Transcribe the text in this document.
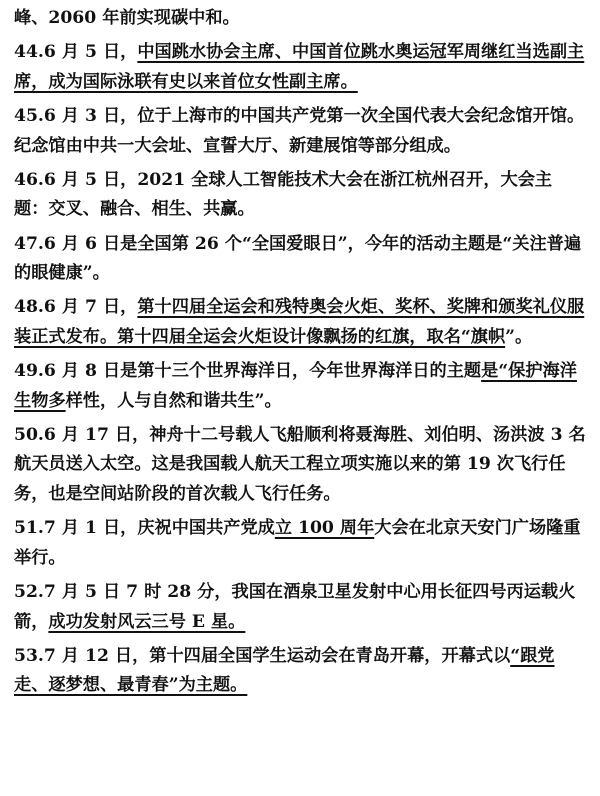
峰、2060 年前实现碳中和。

44.6 月 5 日，中国跳水协会主席、中国首位跳水奥运冠军周继红当选副主席，成为国际泳联有史以来首位女性副主席。

45.6 月 3 日，位于上海市的中国共产党第一次全国代表大会纪念馆开馆。纪念馆由中共一大会址、宣誓大厅、新建展馆等部分组成。

46.6 月 5 日，2021 全球人工智能技术大会在浙江杭州召开，大会主题：交叉、融合、相生、共赢。

47.6 月 6 日是全国第 26 个“全国爱眼日”，今年的活动主题是“关注普遍的眼健康”。

48.6 月 7 日，第十四届全运会和残特奥会火炬、奖杯、奖牌和颁奖礼仪服装正式发布。第十四届全运会火炬设计像飘扬的红旗，取名“旗帜”。

49.6 月 8 日是第十三个世界海洋日，今年世界海洋日的主题是“保护海洋生物多样性，人与自然和谐共生”。

50.6 月 17 日，神舟十二号载人飞船顺利将聂海胜、刘伯明、汤洪波 3 名航天员送入太空。这是我国载人航天工程立项实施以来的第 19 次飞行任务，也是空间站阶段的首次载人飞行任务。

51.7 月 1 日，庆祝中国共产党成立 100 周年大会在北京天安门广场隆重举行。

52.7 月 5 日 7 时 28 分，我国在酒泉卫星发射中心用长征四号丙运载火箭，成功发射风云三号 E 星。

53.7 月 12 日，第十四届全国学生运动会在青岛开幕，开幕式以“跟党走、逐梦想、最青春”为主题。
